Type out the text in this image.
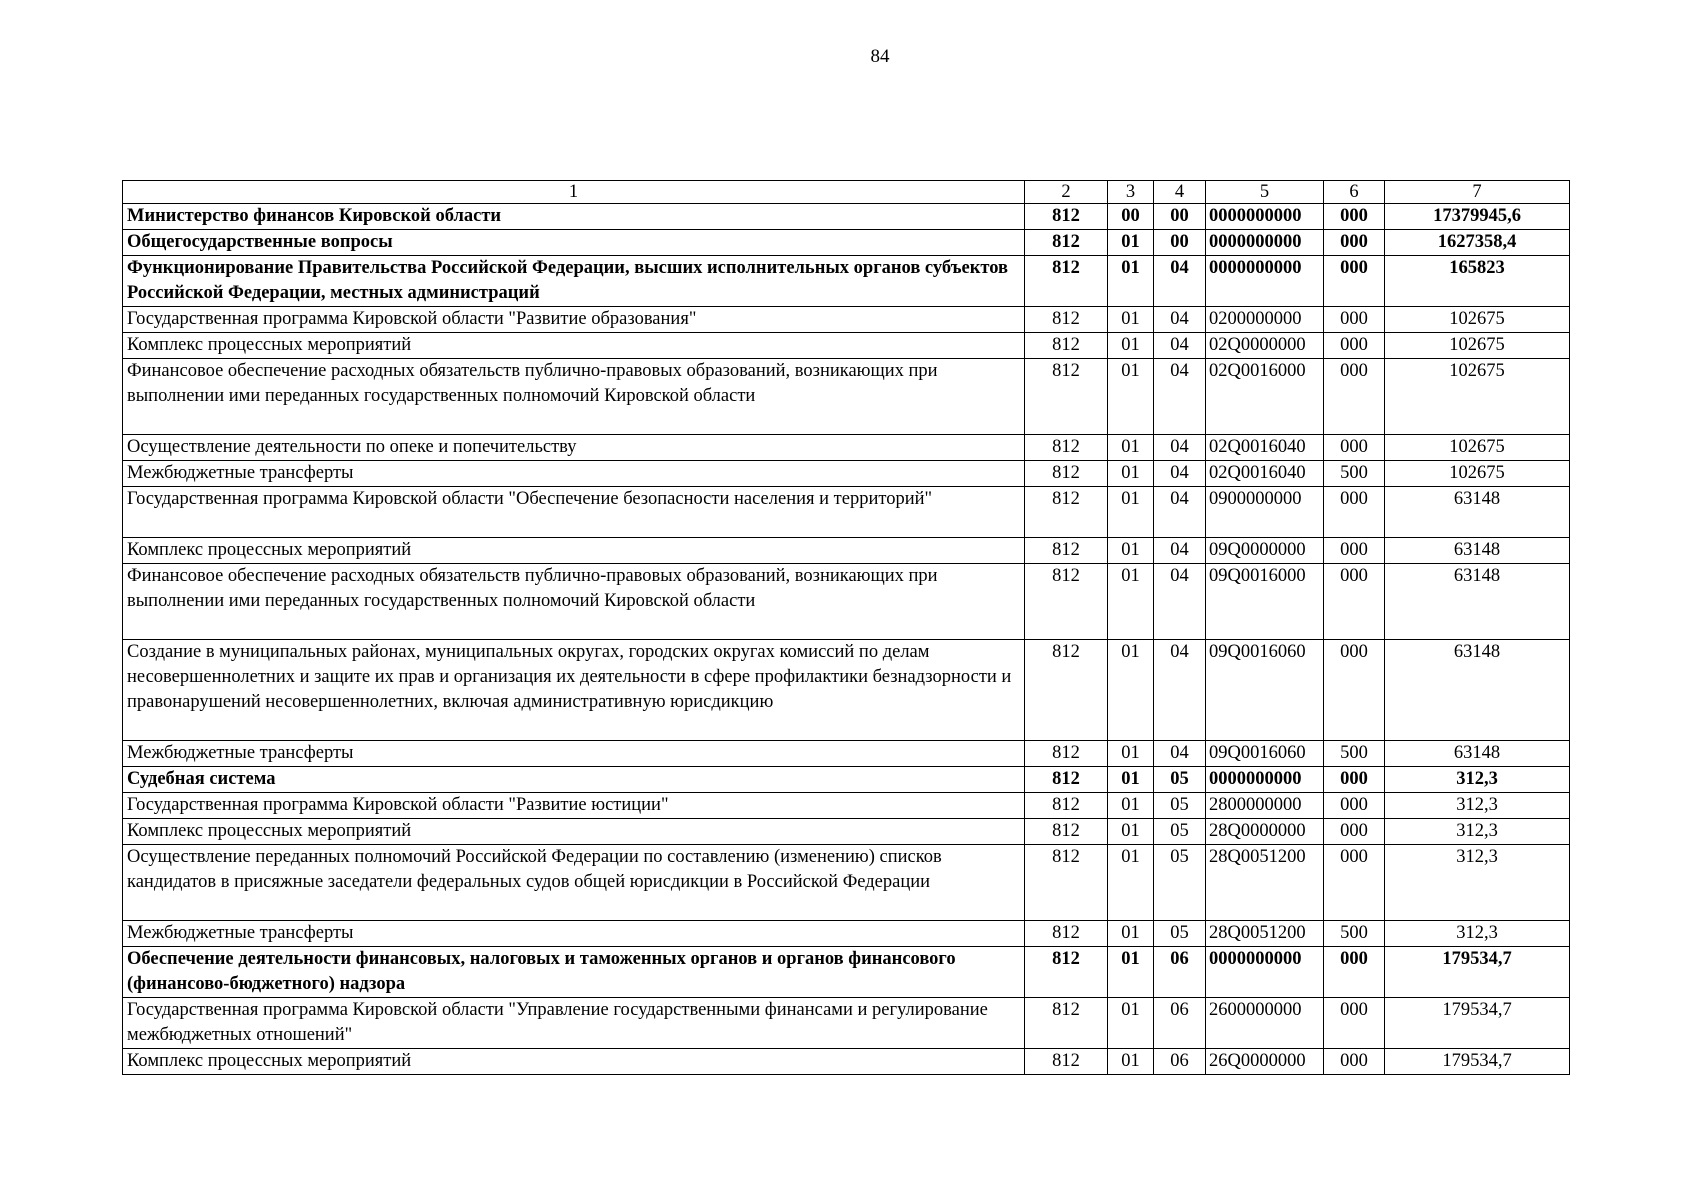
84
1	2	3	4	5	6	7
Министерство финансов Кировской области	812	00	00	0000000000	000	17379945,6
Общегосударственные вопросы	812	01	00	0000000000	000	1627358,4
Функционирование Правительства Российской Федерации, высших исполнительных органов субъектов Российской Федерации, местных администраций	812	01	04	0000000000	000	165823
Государственная программа Кировской области "Развитие образования"	812	01	04	0200000000	000	102675
Комплекс процессных мероприятий	812	01	04	02Q0000000	000	102675
Финансовое обеспечение расходных обязательств публично-правовых образований, возникающих при выполнении ими переданных государственных полномочий Кировской области	812	01	04	02Q0016000	000	102675
Осуществление деятельности по опеке и попечительству	812	01	04	02Q0016040	000	102675
Межбюджетные трансферты	812	01	04	02Q0016040	500	102675
Государственная программа Кировской области "Обеспечение безопасности населения и территорий"	812	01	04	0900000000	000	63148
Комплекс процессных мероприятий	812	01	04	09Q0000000	000	63148
Финансовое обеспечение расходных обязательств публично-правовых образований, возникающих при выполнении ими переданных государственных полномочий Кировской области	812	01	04	09Q0016000	000	63148
Создание в муниципальных районах, муниципальных округах, городских округах комиссий по делам несовершеннолетних и защите их прав и организация их деятельности в сфере профилактики безнадзорности и правонарушений несовершеннолетних, включая административную юрисдикцию	812	01	04	09Q0016060	000	63148
Межбюджетные трансферты	812	01	04	09Q0016060	500	63148
Судебная система	812	01	05	0000000000	000	312,3
Государственная программа Кировской области "Развитие юстиции"	812	01	05	2800000000	000	312,3
Комплекс процессных мероприятий	812	01	05	28Q0000000	000	312,3
Осуществление переданных полномочий Российской Федерации по составлению (изменению) списков кандидатов в присяжные заседатели федеральных судов общей юрисдикции в Российской Федерации	812	01	05	28Q0051200	000	312,3
Межбюджетные трансферты	812	01	05	28Q0051200	500	312,3
Обеспечение деятельности финансовых, налоговых и таможенных органов и органов финансового (финансово-бюджетного) надзора	812	01	06	0000000000	000	179534,7
Государственная программа Кировской области "Управление государственными финансами и регулирование межбюджетных отношений"	812	01	06	2600000000	000	179534,7
Комплекс процессных мероприятий	812	01	06	26Q0000000	000	179534,7
